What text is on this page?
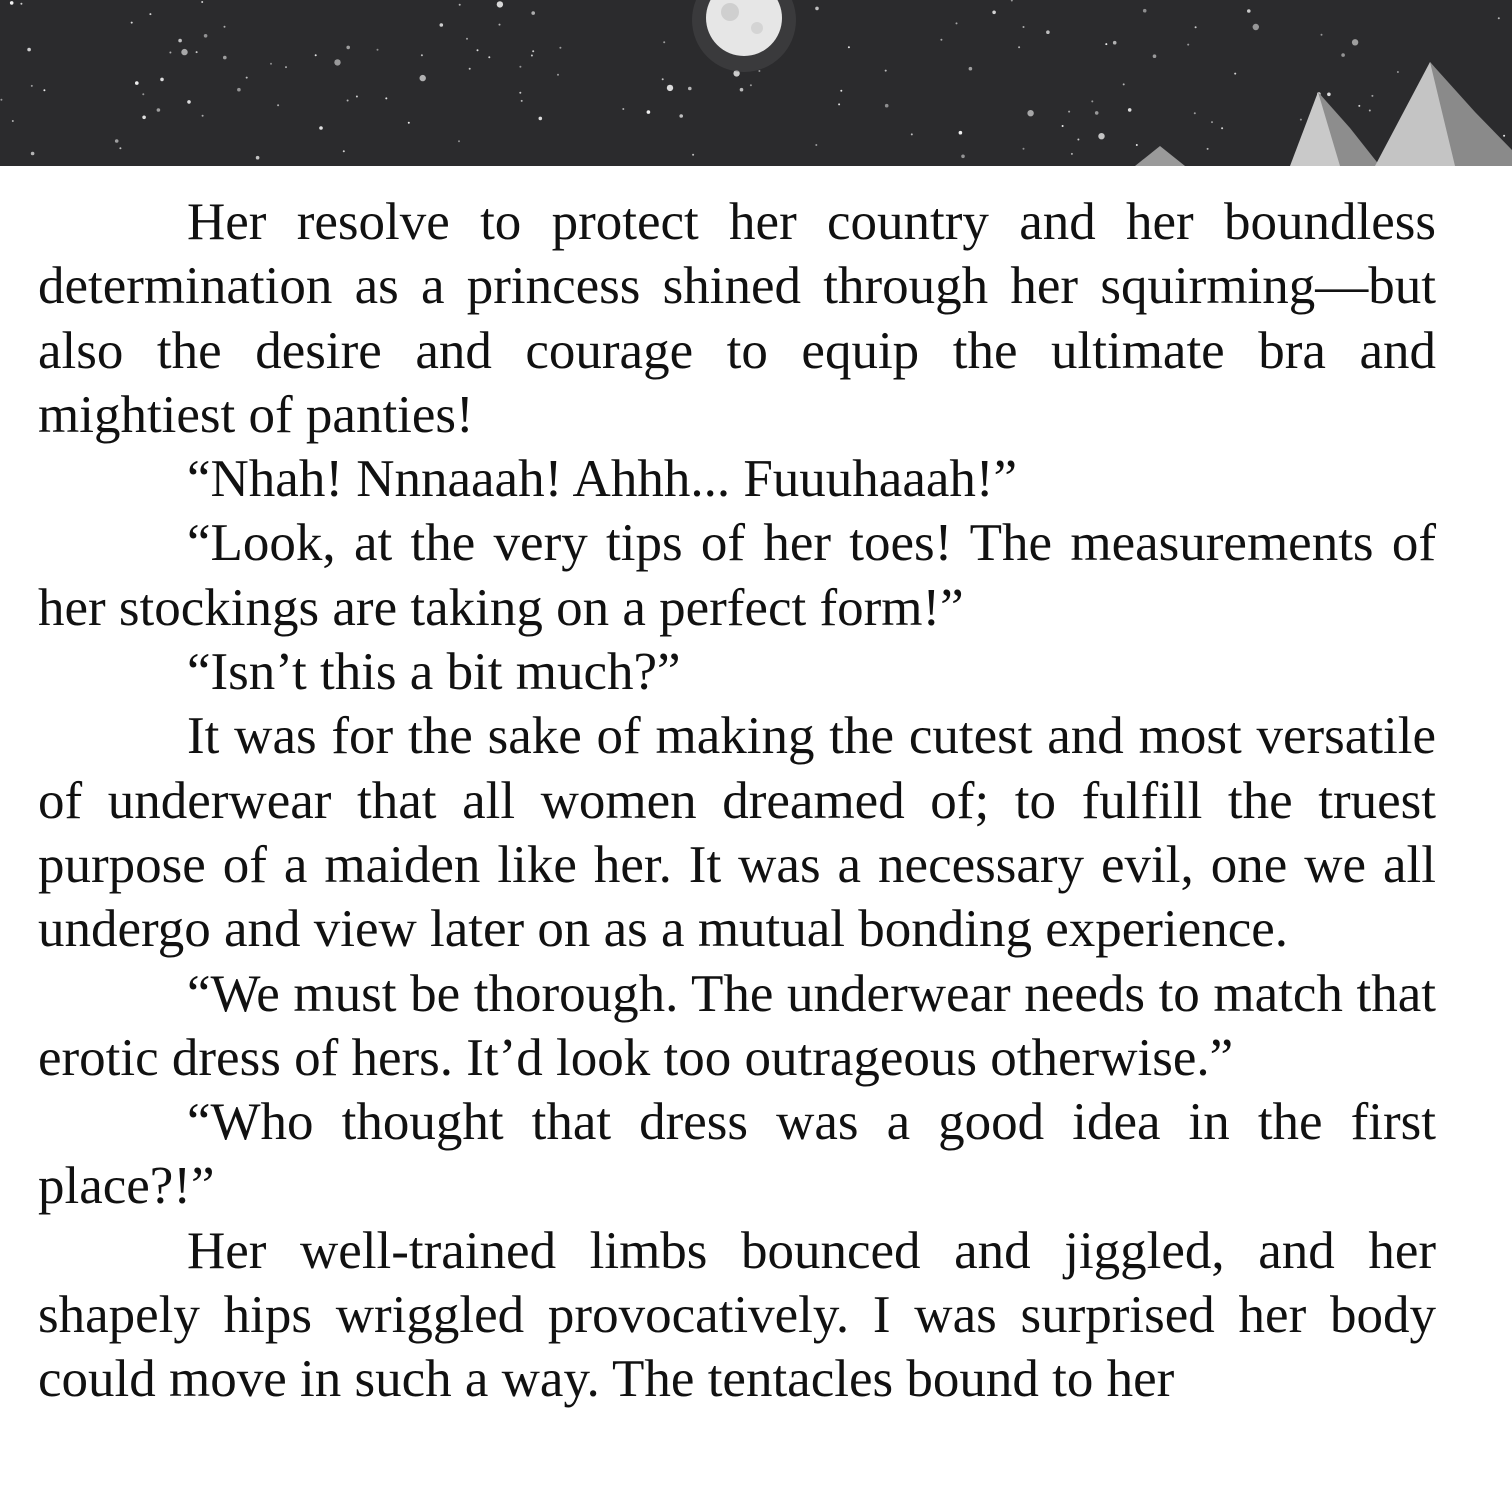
Her resolve to protect her country and her boundless determination as a princess shined through her squirming—but also the desire and courage to equip the ultimate bra and mightiest of panties!

“Nhah! Nnnaaah! Ahhh... Fuuuhaaah!”

“Look, at the very tips of her toes! The measurements of her stockings are taking on a perfect form!”

“Isn’t this a bit much?”

It was for the sake of making the cutest and most versatile of underwear that all women dreamed of; to fulfill the truest purpose of a maiden like her. It was a necessary evil, one we all undergo and view later on as a mutual bonding experience.

“We must be thorough. The underwear needs to match that erotic dress of hers. It’d look too outrageous otherwise.”

“Who thought that dress was a good idea in the first place?!”

Her well-trained limbs bounced and jiggled, and her shapely hips wriggled provocatively. I was surprised her body could move in such a way. The tentacles bound to her
